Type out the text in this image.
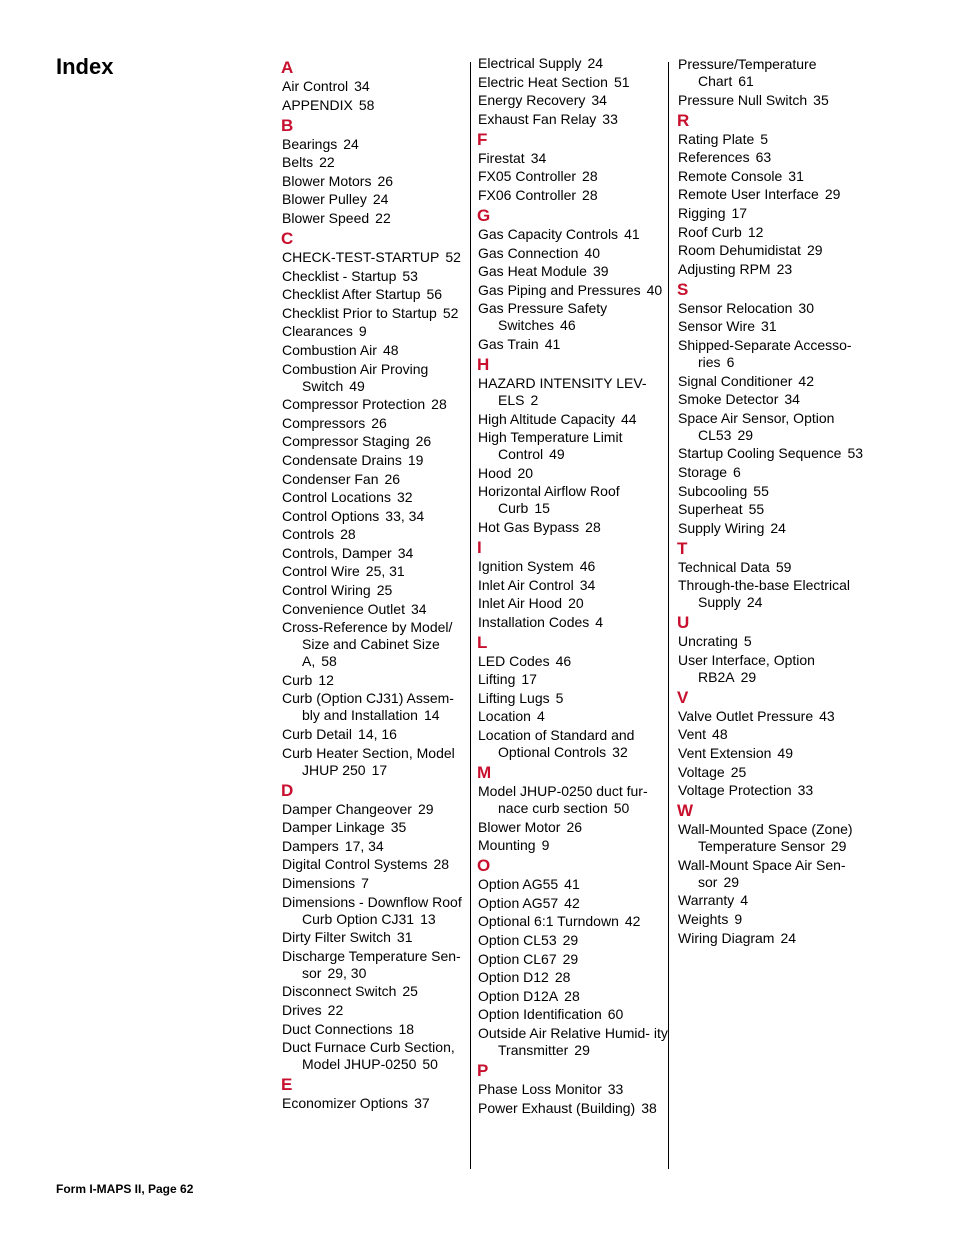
Index	A
Air Control 34
APPENDIX 58
B
Bearings 24
Belts 22
Blower Motors 26
Blower Pulley 24
Blower Speed 22
C
CHECK-TEST-STARTUP 52
Checklist - Startup 53
Checklist After Startup 56
Checklist Prior to Startup 52
Clearances 9
Combustion Air 48
Combustion Air Proving Switch 49
Compressor Protection 28
Compressors 26
Compressor Staging 26
Condensate Drains 19
Condenser Fan 26
Control Locations 32
Control Options 33, 34
Controls 28
Controls, Damper 34
Control Wire 25, 31
Control Wiring 25
Convenience Outlet 34
Cross-Reference by Model/ Size and Cabinet Size A, 58
Curb 12
Curb (Option CJ31) Assem- bly and Installation 14
Curb Detail 14, 16
Curb Heater Section, Model JHUP 250 17
D
Damper Changeover 29
Damper Linkage 35
Dampers 17, 34
Digital Control Systems 28
Dimensions 7
Dimensions - Downflow Roof Curb Option CJ31 13
Dirty Filter Switch 31
Discharge Temperature Sen- sor 29, 30
Disconnect Switch 25
Drives 22
Duct Connections 18
Duct Furnace Curb Section, Model JHUP-0250 50
E
Economizer Options 37
Electrical Supply 24
Electric Heat Section 51
Energy Recovery 34
Exhaust Fan Relay 33
F
Firestat 34
FX05 Controller 28
FX06 Controller 28
G
Gas Capacity Controls 41
Gas Connection 40
Gas Heat Module 39
Gas Piping and Pressures 40
Gas Pressure Safety Switches 46
Gas Train 41
H
HAZARD INTENSITY LEV- ELS 2
High Altitude Capacity 44
High Temperature Limit Control 49
Hood 20
Horizontal Airflow Roof Curb 15
Hot Gas Bypass 28
I
Ignition System 46
Inlet Air Control 34
Inlet Air Hood 20
Installation Codes 4
L
LED Codes 46
Lifting 17
Lifting Lugs 5
Location 4
Location of Standard and Optional Controls 32
M
Model JHUP-0250 duct fur- nace curb section 50
Blower Motor 26
Mounting 9
O
Option AG55 41
Option AG57 42
Optional 6:1 Turndown 42
Option CL53 29
Option CL67 29
Option D12 28
Option D12A 28
Option Identification 60
Outside Air Relative Humid- ity Transmitter 29
P
Phase Loss Monitor 33
Power Exhaust (Building) 38
Pressure/Temperature Chart 61
Pressure Null Switch 35
R
Rating Plate 5
References 63
Remote Console 31
Remote User Interface 29
Rigging 17
Roof Curb 12
Room Dehumidistat 29
Adjusting RPM 23
S
Sensor Relocation 30
Sensor Wire 31
Shipped-Separate Accesso- ries 6
Signal Conditioner 42
Smoke Detector 34
Space Air Sensor, Option CL53 29
Startup Cooling Sequence 53
Storage 6
Subcooling 55
Superheat 55
Supply Wiring 24
T
Technical Data 59
Through-the-base Electrical Supply 24
U
Uncrating 5
User Interface, Option RB2A 29
V
Valve Outlet Pressure 43
Vent 48
Vent Extension 49
Voltage 25
Voltage Protection 33
W
Wall-Mounted Space (Zone) Temperature Sensor 29
Wall-Mount Space Air Sen- sor 29
Warranty 4
Weights 9
Wiring Diagram 24
Form I-MAPS II, Page 62
